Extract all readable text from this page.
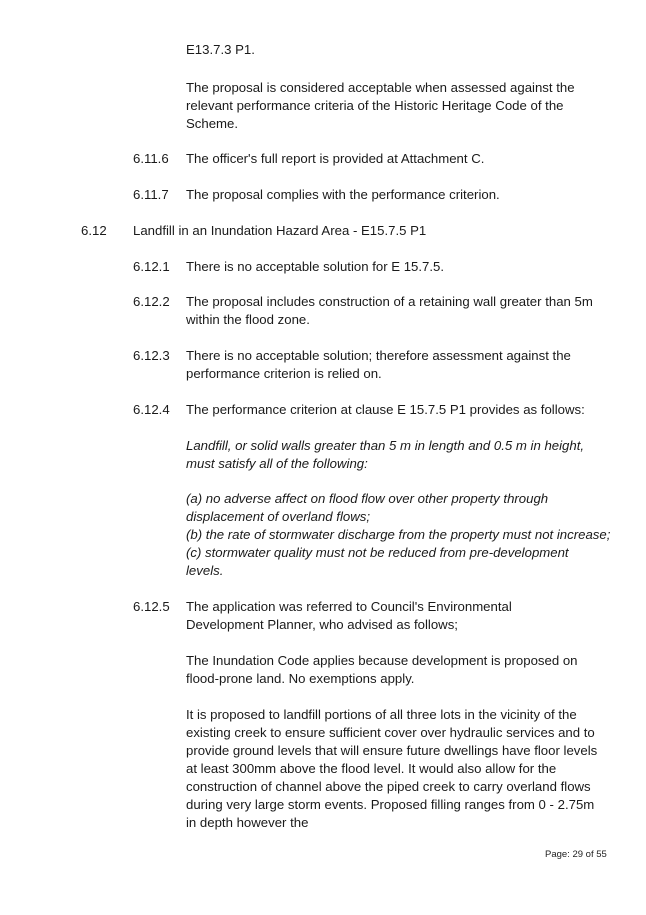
E13.7.3 P1.

The proposal is considered acceptable when assessed against the relevant performance criteria of the Historic Heritage Code of the Scheme.

6.11.6 The officer's full report is provided at Attachment C.

6.11.7 The proposal complies with the performance criterion.

6.12 Landfill in an Inundation Hazard Area - E15.7.5 P1
6.12.1 There is no acceptable solution for E 15.7.5.

6.12.2 The proposal includes construction of a retaining wall greater than 5m within the flood zone.

6.12.3 There is no acceptable solution; therefore assessment against the performance criterion is relied on.

6.12.4 The performance criterion at clause E 15.7.5 P1 provides as follows:

Landfill, or solid walls greater than 5 m in length and 0.5 m in height, must satisfy all of the following:

(a) no adverse affect on flood flow over other property through displacement of overland flows;

(b) the rate of stormwater discharge from the property must not increase;

(c) stormwater quality must not be reduced from pre-development levels.

6.12.5 The application was referred to Council's Environmental Development Planner, who advised as follows;

The Inundation Code applies because development is proposed on flood-prone land. No exemptions apply.

It is proposed to landfill portions of all three lots in the vicinity of the existing creek to ensure sufficient cover over hydraulic services and to provide ground levels that will ensure future dwellings have floor levels at least 300mm above the flood level. It would also allow for the construction of channel above the piped creek to carry overland flows during very large storm events. Proposed filling ranges from 0 - 2.75m in depth however the

Page: 29 of 55
